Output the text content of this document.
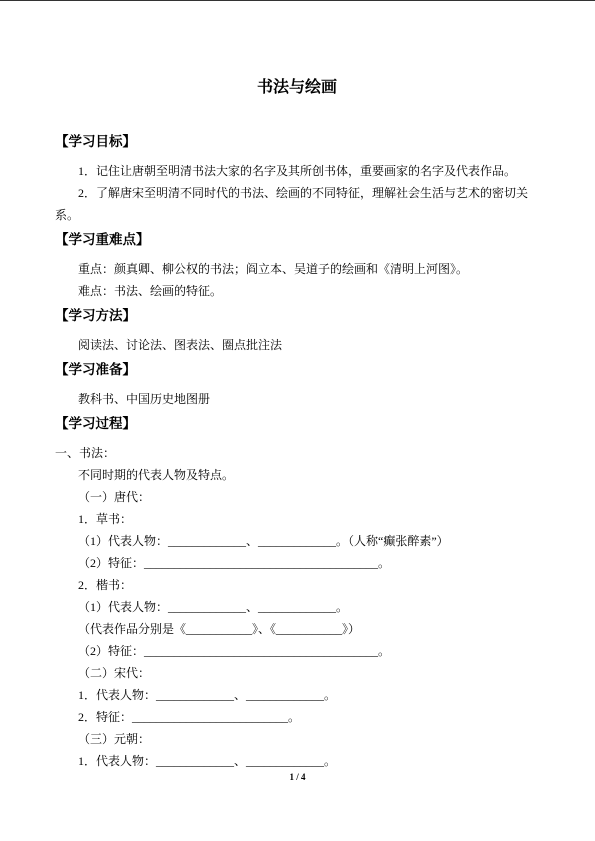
书法与绘画
【学习目标】
1．记住让唐朝至明清书法大家的名字及其所创书体，重要画家的名字及代表作品。
2．了解唐宋至明清不同时代的书法、绘画的不同特征，理解社会生活与艺术的密切关
系。
【学习重难点】
重点：颜真卿、柳公权的书法；阎立本、吴道子的绘画和《清明上河图》。
难点：书法、绘画的特征。
【学习方法】
阅读法、讨论法、图表法、圈点批注法
【学习准备】
教科书、中国历史地图册
【学习过程】
一、书法：
不同时期的代表人物及特点。
（一）唐代：
1．草书：
（1）代表人物：_____________、_____________。（人称“癫张醉素”）
（2）特征：_______________________________________。
2．楷书：
（1）代表人物：_____________、_____________。
（代表作品分别是《___________》、《___________》）
（2）特征：_______________________________________。
（二）宋代：
1．代表人物：_____________、_____________。
2．特征：__________________________。
（三）元朝：
1．代表人物：_____________、_____________。
1 / 4
